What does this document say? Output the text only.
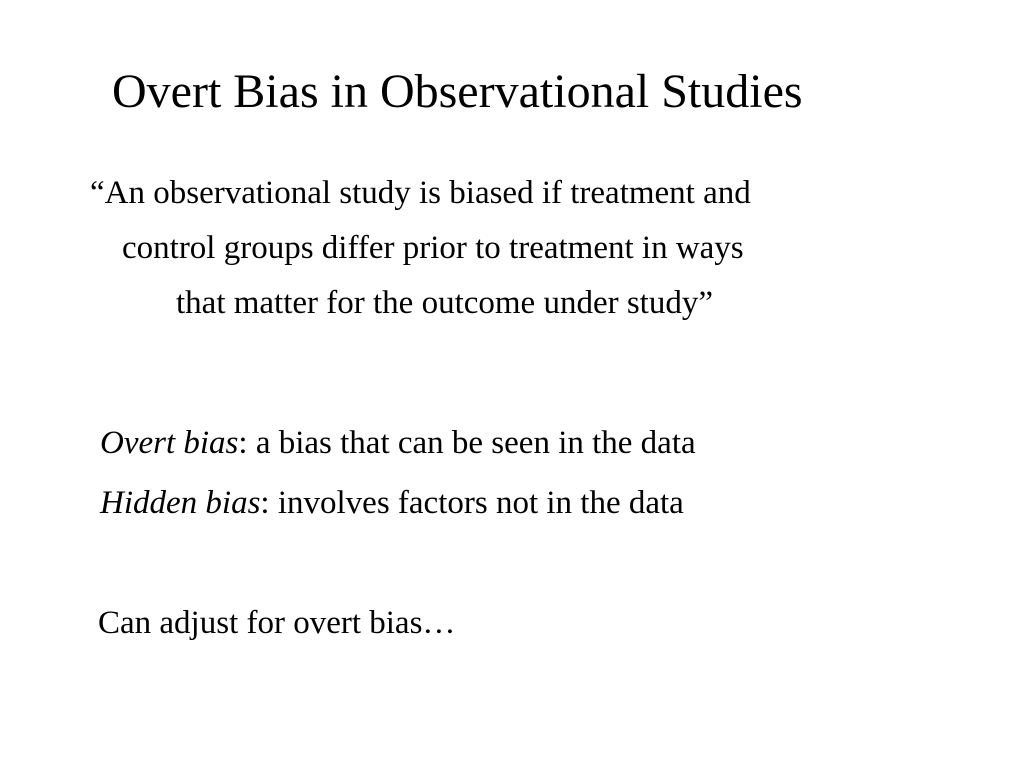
Overt Bias in Observational Studies

“An observational study is biased if treatment and
control groups differ prior to treatment in ways
that matter for the outcome under study”

Overt bias: a bias that can be seen in the data

Hidden bias: involves factors not in the data

Can adjust for overt bias…
